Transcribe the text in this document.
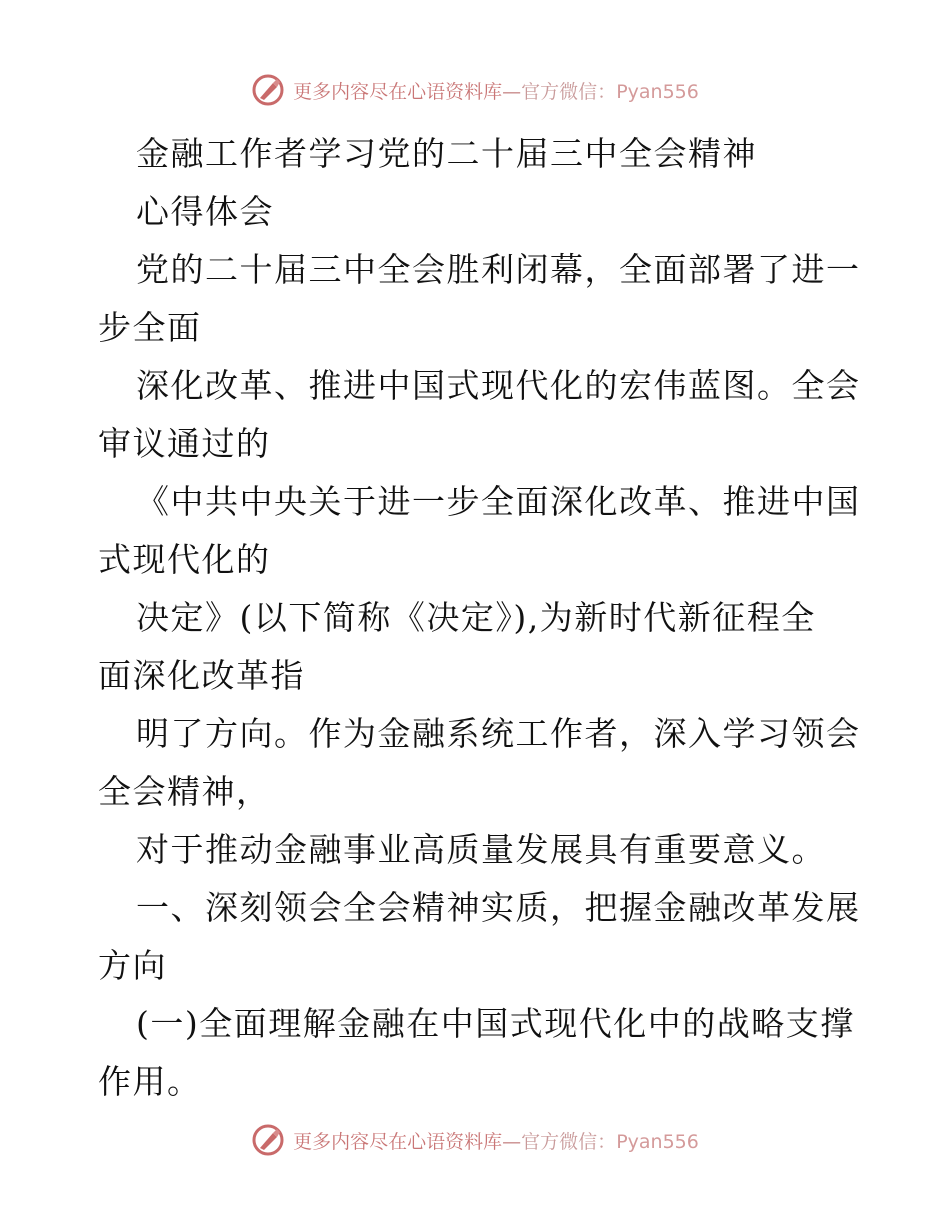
更多内容尽在心语资料库—官方微信：Pyan556
金融工作者学习党的二十届三中全会精神
心得体会
党的二十届三中全会胜利闭幕，全面部署了进一
步全面
深化改革、推进中国式现代化的宏伟蓝图。全会
审议通过的
《中共中央关于进一步全面深化改革、推进中国
式现代化的
决定》(以下简称《决定》),为新时代新征程全
面深化改革指
明了方向。作为金融系统工作者，深入学习领会
全会精神，
对于推动金融事业高质量发展具有重要意义。
一、深刻领会全会精神实质，把握金融改革发展
方向
(一)全面理解金融在中国式现代化中的战略支撑
作用。
更多内容尽在心语资料库—官方微信：Pyan556
